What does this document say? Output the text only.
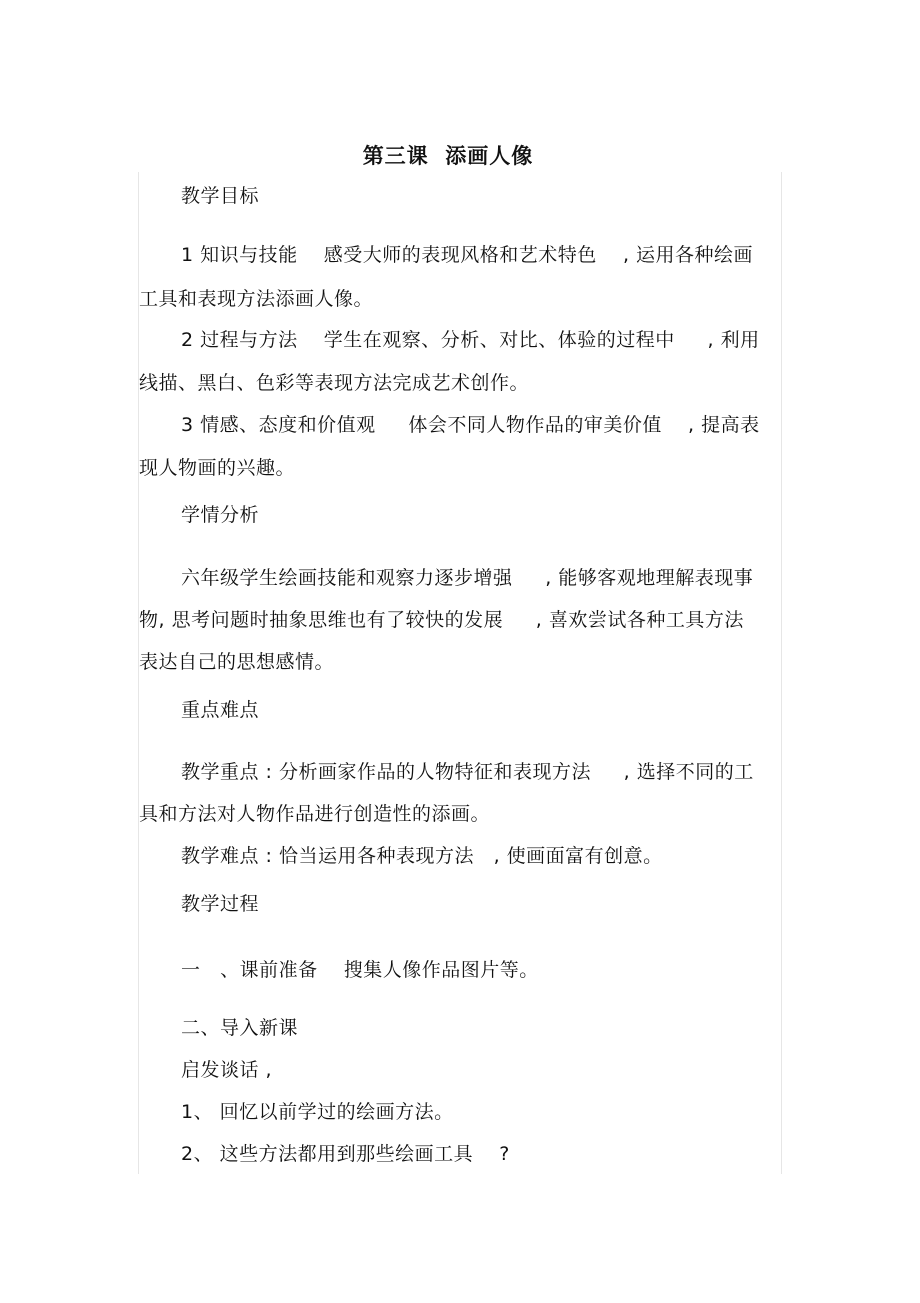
第三课  添画人像
教学目标
1 知识与技能    感受大师的表现风格和艺术特色    , 运用各种绘画
工具和表现方法添画人像。
2 过程与方法    学生在观察、分析、对比、体验的过程中     , 利用
线描、黑白、色彩等表现方法完成艺术创作。
3 情感、态度和价值观     体会不同人物作品的审美价值    , 提高表
现人物画的兴趣。
学情分析
六年级学生绘画技能和观察力逐步增强     , 能够客观地理解表现事
物, 思考问题时抽象思维也有了较快的发展     , 喜欢尝试各种工具方法
表达自己的思想感情。
重点难点
教学重点 : 分析画家作品的人物特征和表现方法     , 选择不同的工
具和方法对人物作品进行创造性的添画。
教学难点 : 恰当运用各种表现方法   , 使画面富有创意。
教学过程
一   、课前准备    搜集人像作品图片等。
二、导入新课
启发谈话 ,
1、 回忆以前学过的绘画方法。
2、 这些方法都用到那些绘画工具    ?
